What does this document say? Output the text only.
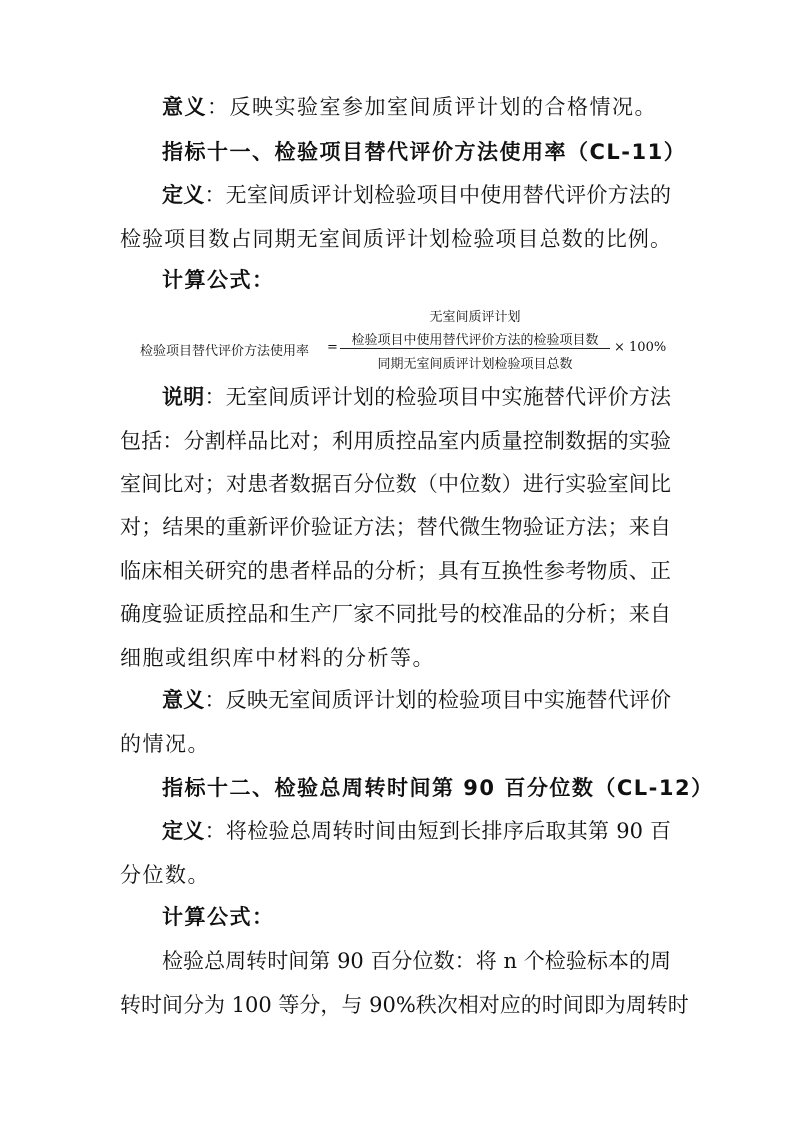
意义：反映实验室参加室间质评计划的合格情况。
指标十一、检验项目替代评价方法使用率（CL-11）
定义：无室间质评计划检验项目中使用替代评价方法的
检验项目数占同期无室间质评计划检验项目总数的比例。
计算公式：
检验项目替代评价方法使用率 =
无室间质评计划
检验项目中使用替代评价方法的检验项目数
同期无室间质评计划检验项目总数
× 100%
说明：无室间质评计划的检验项目中实施替代评价方法
包括：分割样品比对；利用质控品室内质量控制数据的实验
室间比对；对患者数据百分位数（中位数）进行实验室间比
对；结果的重新评价验证方法；替代微生物验证方法；来自
临床相关研究的患者样品的分析；具有互换性参考物质、正
确度验证质控品和生产厂家不同批号的校准品的分析；来自
细胞或组织库中材料的分析等。
意义：反映无室间质评计划的检验项目中实施替代评价
的情况。
指标十二、检验总周转时间第 90 百分位数（CL-12）
定义：将检验总周转时间由短到长排序后取其第 90 百
分位数。
计算公式：
检验总周转时间第 90 百分位数：将 n 个检验标本的周
转时间分为 100 等分，与 90%秩次相对应的时间即为周转时
